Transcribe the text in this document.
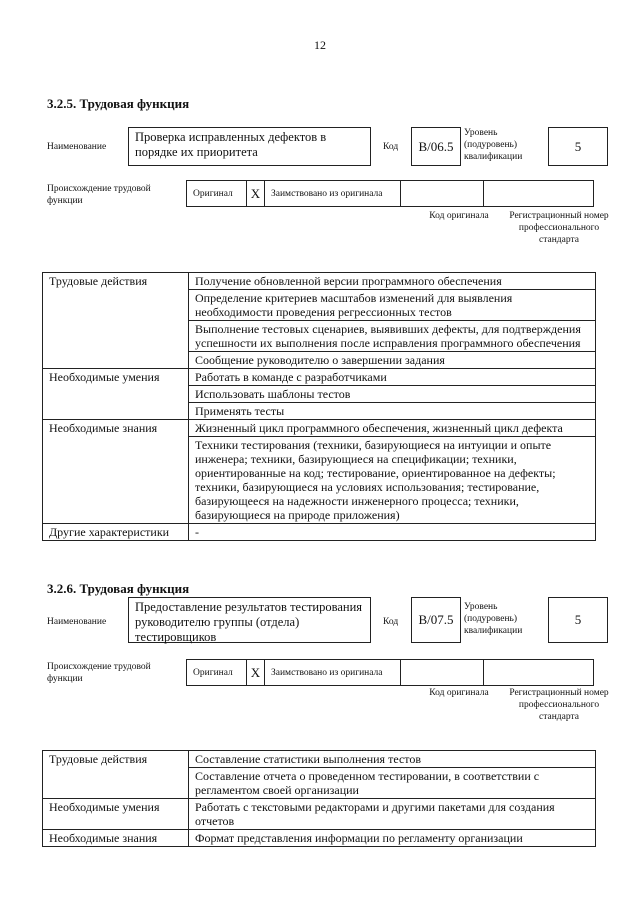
12
3.2.5. Трудовая функция
Наименование
Проверка исправленных дефектов в порядке их приоритета	Код	B/06.5
Уровень (подуровень) квалификации
5
Происхождение трудовой функции
Оригинал	X	Заимствовано из оригинала		
Код оригинала	Регистрационный номер профессионального стандарта
Трудовые действия	Получение обновленной версии программного обеспечения
	Определение критериев масштабов изменений для выявления необходимости проведения регрессионных тестов
	Выполнение тестовых сценариев, выявивших дефекты, для подтверждения успешности их выполнения после исправления программного обеспечения
	Сообщение руководителю о завершении задания
Необходимые умения	Работать в команде с разработчиками
	Использовать шаблоны тестов
	Применять тесты
Необходимые знания	Жизненный цикл программного обеспечения, жизненный цикл дефекта
	Техники тестирования (техники, базирующиеся на интуиции и опыте инженера; техники, базирующиеся на спецификации; техники, ориентированные на код; тестирование, ориентированное на дефекты; техники, базирующиеся на условиях использования; тестирование, базирующееся на надежности инженерного процесса; техники, базирующиеся на природе приложения)
Другие характеристики	-
3.2.6. Трудовая функция
Наименование
Предоставление результатов тестирования руководителю группы (отдела) тестировщиков
Код	B/07.5
Уровень (подуровень) квалификации
5
Происхождение трудовой функции
Оригинал	X	Заимствовано из оригинала		
Код оригинала	Регистрационный номер профессионального стандарта
Трудовые действия	Составление статистики выполнения тестов
	Составление отчета о проведенном тестировании, в соответствии с регламентом своей организации
Необходимые умения	Работать с текстовыми редакторами и другими пакетами для создания отчетов
Необходимые знания	Формат представления информации по регламенту организации
